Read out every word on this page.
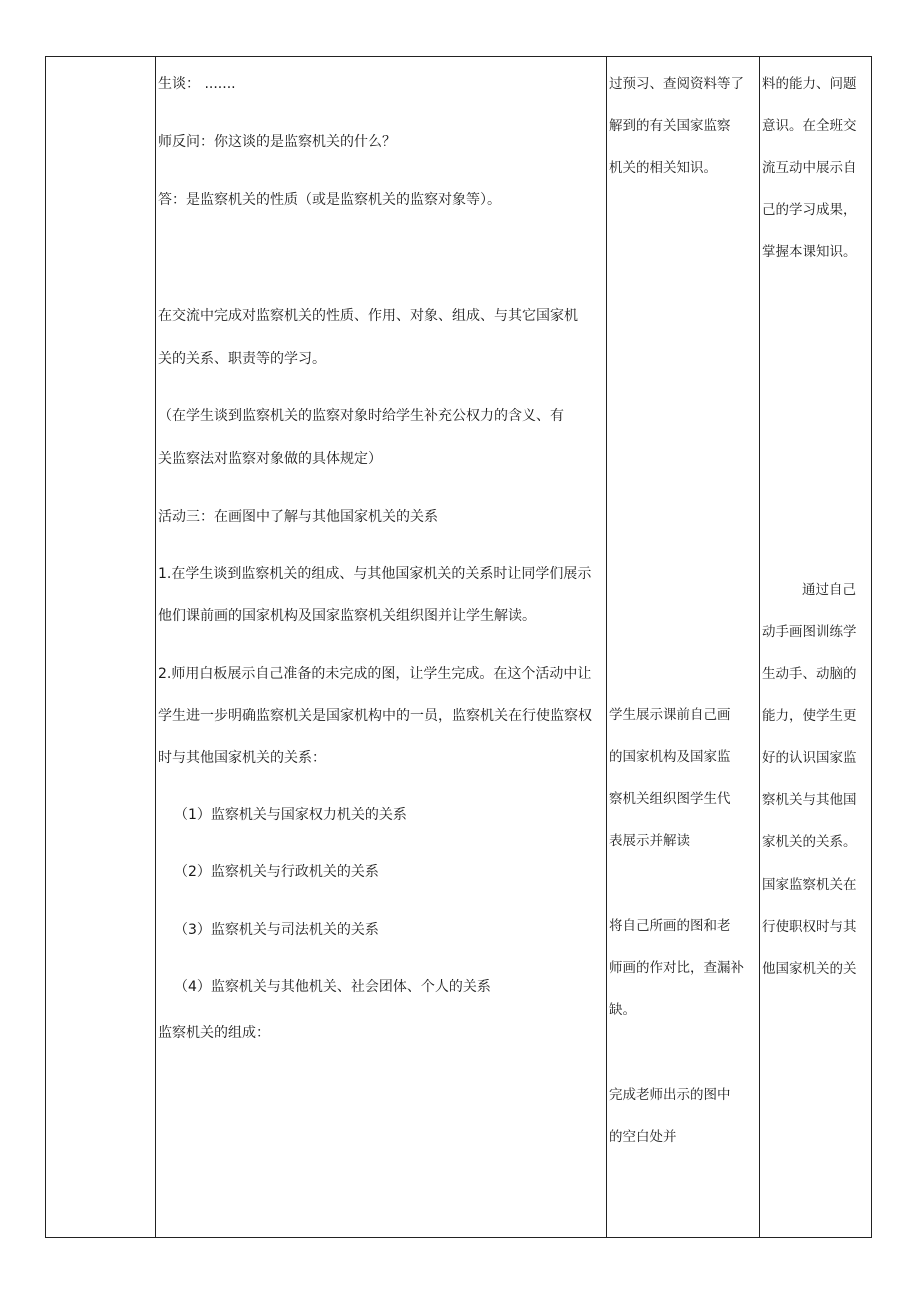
生谈： .......
师反问：你这谈的是监察机关的什么？
答：是监察机关的性质（或是监察机关的监察对象等）。
在交流中完成对监察机关的性质、作用、对象、组成、与其它国家机
关的关系、职责等的学习。
（在学生谈到监察机关的监察对象时给学生补充公权力的含义、有
关监察法对监察对象做的具体规定）
活动三：在画图中了解与其他国家机关的关系
1.在学生谈到监察机关的组成、与其他国家机关的关系时让同学们展示
他们课前画的国家机构及国家监察机关组织图并让学生解读。
2.师用白板展示自己准备的未完成的图，让学生完成。在这个活动中让
学生进一步明确监察机关是国家机构中的一员，监察机关在行使监察权
时与其他国家机关的关系：
（1）监察机关与国家权力机关的关系
（2）监察机关与行政机关的关系
（3）监察机关与司法机关的关系
（4）监察机关与其他机关、社会团体、个人的关系
监察机关的组成：
过预习、查阅资料等了
解到的有关国家监察
机关的相关知识。
学生展示课前自己画
的国家机构及国家监
察机关组织图学生代
表展示并解读
将自己所画的图和老
师画的作对比，查漏补
缺。
完成老师出示的图中
的空白处并
料的能力、问题
意识。在全班交
流互动中展示自
己的学习成果，
掌握本课知识。
通过自己
动手画图训练学
生动手、动脑的
能力，使学生更
好的认识国家监
察机关与其他国
家机关的关系。
国家监察机关在
行使职权时与其
他国家机关的关
